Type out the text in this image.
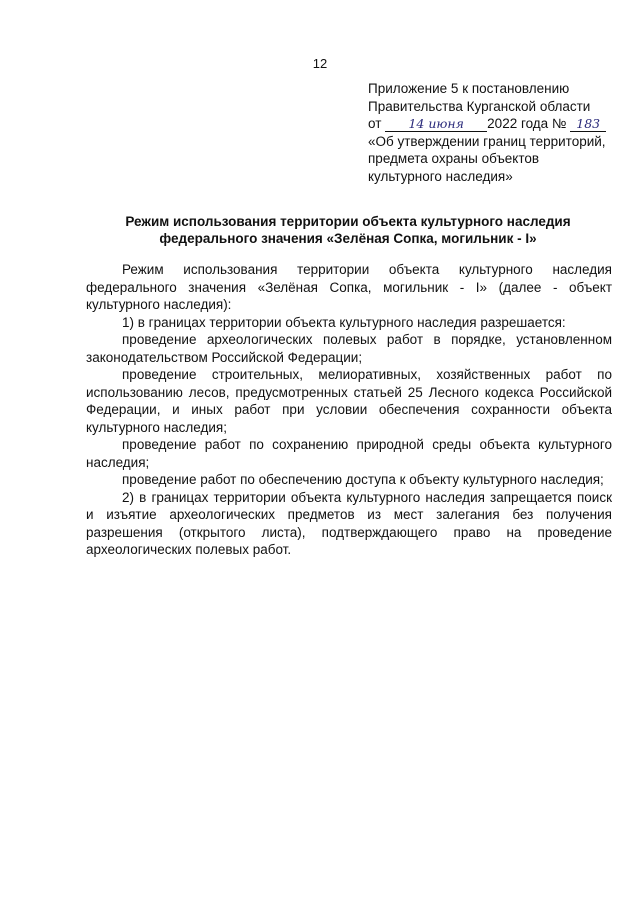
12
Приложение 5 к постановлению
Правительства Курганской области
от 14 июня 2022 года № 183
«Об утверждении границ территорий,
предмета охраны объектов
культурного наследия»
Режим использования территории объекта культурного наследия
федерального значения «Зелёная Сопка, могильник - I»

Режим использования территории объекта культурного наследия федерального значения «Зелёная Сопка, могильник - I» (далее - объект культурного наследия):

1) в границах территории объекта культурного наследия разрешается:

проведение археологических полевых работ в порядке, установленном законодательством Российской Федерации;

проведение строительных, мелиоративных, хозяйственных работ по использованию лесов, предусмотренных статьей 25 Лесного кодекса Российской Федерации, и иных работ при условии обеспечения сохранности объекта культурного наследия;

проведение работ по сохранению природной среды объекта культурного наследия;

проведение работ по обеспечению доступа к объекту культурного наследия;

2) в границах территории объекта культурного наследия запрещается поиск и изъятие археологических предметов из мест залегания без получения разрешения (открытого листа), подтверждающего право на проведение археологических полевых работ.
